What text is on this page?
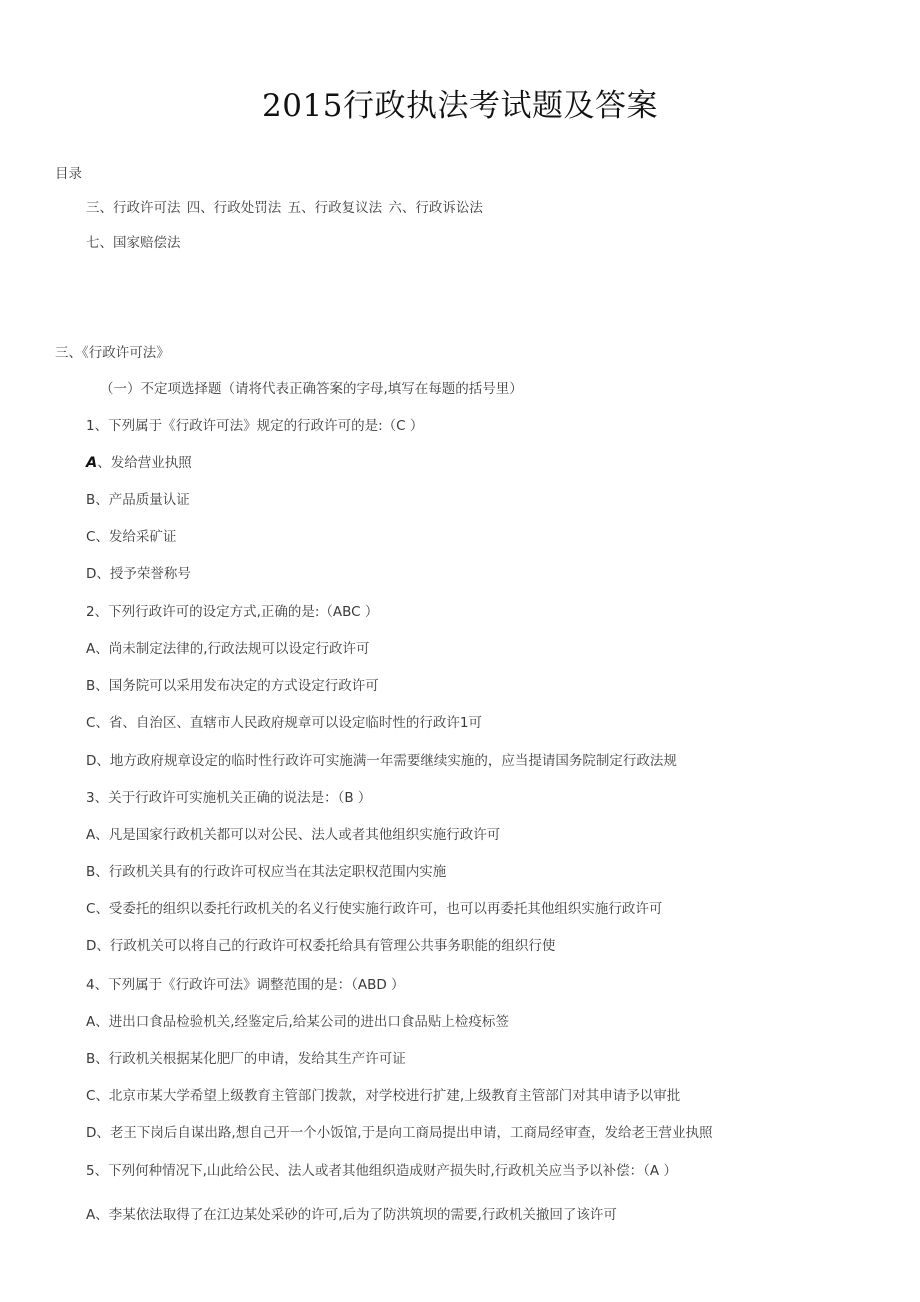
2015行政执法考试题及答案
目录
三、行政许可法 四、行政处罚法 五、行政复议法 六、行政诉讼法
七、国家赔偿法
三、《行政许可法》
（一）不定项选择题（请将代表正确答案的字母,填写在每题的括号里）
1、下列属于《行政许可法》规定的行政许可的是:（C ）
A、发给营业执照
B、产品质量认证
C、发给采矿证
D、授予荣誉称号
2、下列行政许可的设定方式,正确的是:（ABC ）
A、尚未制定法律的,行政法规可以设定行政许可
B、国务院可以采用发布决定的方式设定行政许可
C、省、自治区、直辖市人民政府规章可以设定临时性的行政许1可
D、地方政府规章设定的临时性行政许可实施满一年需要继续实施的，应当提请国务院制定行政法规
3、关于行政许可实施机关正确的说法是：（B ）
A、凡是国家行政机关都可以对公民、法人或者其他组织实施行政许可
B、行政机关具有的行政许可权应当在其法定职权范围内实施
C、受委托的组织以委托行政机关的名义行使实施行政许可，也可以再委托其他组织实施行政许可
D、行政机关可以将自己的行政许可权委托给具有管理公共事务职能的组织行使
4、下列属于《行政许可法》调整范围的是：（ABD ）
A、进出口食品检验机关,经鉴定后,给某公司的进出口食品贴上检疫标签
B、行政机关根据某化肥厂的申请，发给其生产许可证
C、北京市某大学希望上级教育主管部门拨款，对学校进行扩建,上级教育主管部门对其申请予以审批
D、老王下岗后自谋出路,想自己开一个小饭馆,于是向工商局提出申请，工商局经审查，发给老王营业执照
5、下列何种情况下,山此给公民、法人或者其他组织造成财产损失时,行政机关应当予以补偿：（A ）
A、李某依法取得了在江边某处采砂的许可,后为了防洪筑坝的需要,行政机关撤回了该许可
